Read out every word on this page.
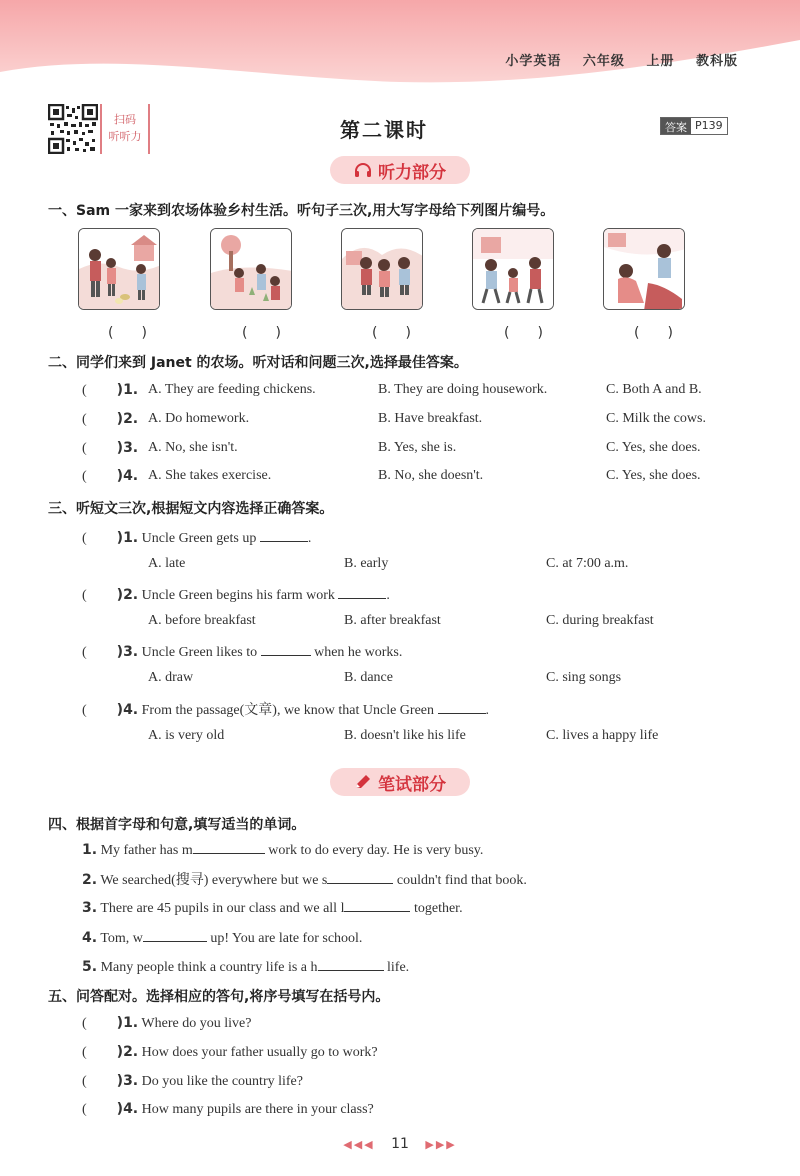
小学英语 六年级 上册 教科版
扫码
听听力	第二课时	答案 P139
听力部分
一、Sam 一家来到农场体验乡村生活。听句子三次,用大写字母给下列图片编号。
(　　)	(　　)	(　　)	(　　)	(　　)
二、同学们来到 Janet 的农场。听对话和问题三次,选择最佳答案。
( )1. A. They are feeding chickens.	B. They are doing housework.	C. Both A and B.
( )2. A. Do homework.	B. Have breakfast.	C. Milk the cows.
( )3. A. No, she isn't.	B. Yes, she is.	C. Yes, she does.
( )4. A. She takes exercise.	B. No, she doesn't.	C. Yes, she does.
三、听短文三次,根据短文内容选择正确答案。
( )1. Uncle Green gets up	.
A. late	B. early	C. at 7:00 a.m.
( )2. Uncle Green begins his farm work	.
A. before breakfast	B. after breakfast	C. during breakfast
( )3. Uncle Green likes to	when he works.
A. draw	B. dance	C. sing songs
( )4. From the passage(文章), we know that Uncle Green	.
A. is very old	B. doesn't like his life	C. lives a happy life
笔试部分
四、根据首字母和句意,填写适当的单词。
1. My father has m	work to do every day. He is very busy.
2. We searched(搜寻) everywhere but we s	couldn't find that book.
3. There are 45 pupils in our class and we all l	together.
4. Tom, w	up! You are late for school.
5. Many people think a country life is a h	life.
五、问答配对。选择相应的答句,将序号填写在括号内。
( )1. Where do you live?
( )2. How does your father usually go to work?
( )3. Do you like the country life?
( )4. How many pupils are there in your class?
◀◀◀ 11 ▶▶▶
